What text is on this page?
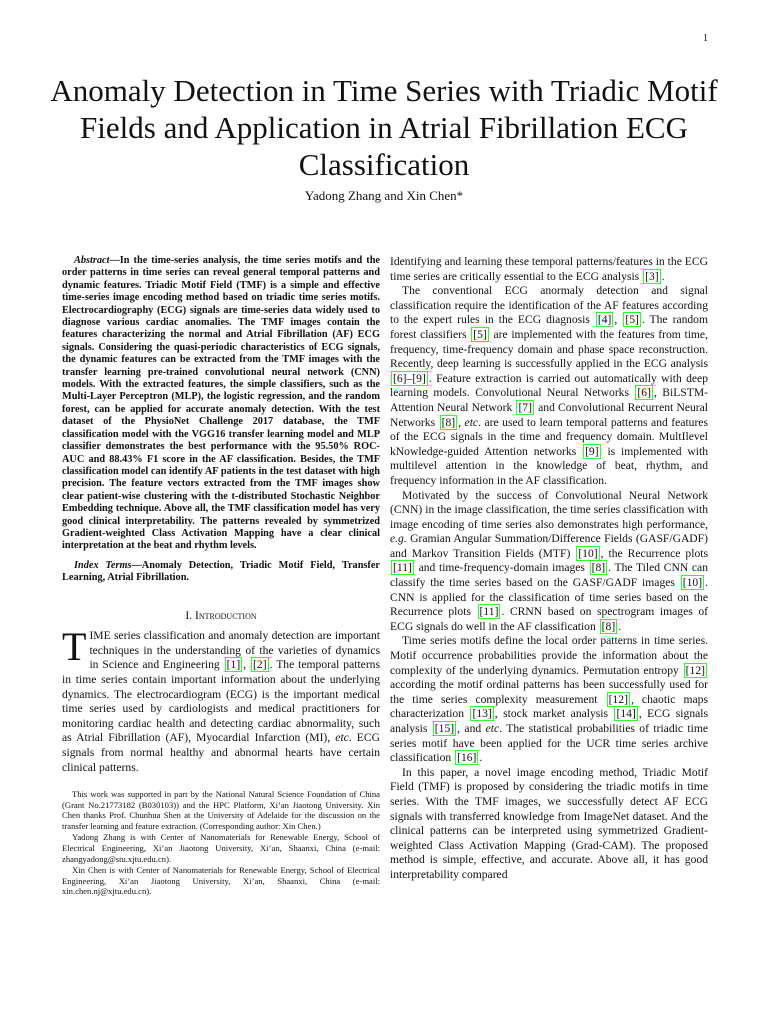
1
Anomaly Detection in Time Series with Triadic Motif Fields and Application in Atrial Fibrillation ECG Classification
Yadong Zhang and Xin Chen*

Abstract—In the time-series analysis, the time series motifs and the order patterns in time series can reveal general temporal patterns and dynamic features. Triadic Motif Field (TMF) is a simple and effective time-series image encoding method based on triadic time series motifs. Electrocardiography (ECG) signals are time-series data widely used to diagnose various cardiac anomalies. The TMF images contain the features characterizing the normal and Atrial Fibrillation (AF) ECG signals. Considering the quasi-periodic characteristics of ECG signals, the dynamic features can be extracted from the TMF images with the transfer learning pre-trained convolutional neural network (CNN) models. With the extracted features, the simple classifiers, such as the Multi-Layer Perceptron (MLP), the logistic regression, and the random forest, can be applied for accurate anomaly detection. With the test dataset of the PhysioNet Challenge 2017 database, the TMF classification model with the VGG16 transfer learning model and MLP classifier demonstrates the best performance with the 95.50% ROC-AUC and 88.43% F1 score in the AF classification. Besides, the TMF classification model can identify AF patients in the test dataset with high precision. The feature vectors extracted from the TMF images show clear patient-wise clustering with the t-distributed Stochastic Neighbor Embedding technique. Above all, the TMF classification model has very good clinical interpretability. The patterns revealed by symmetrized Gradient-weighted Class Activation Mapping have a clear clinical interpretation at the beat and rhythm levels.

Index Terms—Anomaly Detection, Triadic Motif Field, Transfer Learning, Atrial Fibrillation.

I. Introduction

TIME series classification and anomaly detection are important techniques in the understanding of the varieties of dynamics in Science and Engineering [1] , [2] . The temporal patterns in time series contain important information about the underlying dynamics. The electrocardiogram (ECG) is the important medical time series used by cardiologists and medical practitioners for monitoring cardiac health and detecting cardiac abnormality, such as Atrial Fibrillation (AF), Myocardial Infarction (MI), etc. ECG signals from normal healthy and abnormal hearts have certain clinical patterns.

This work was supported in part by the National Natural Science Foundation of China (Grant No.21773182 (B030103)) and the HPC Platform, Xi’an Jiaotong University. Xin Chen thanks Prof. Chunhua Shen at the University of Adelaide for the discussion on the transfer learning and feature extraction. (Corresponding author: Xin Chen.)

Yadong Zhang is with Center of Nanomaterials for Renewable Energy, School of Electrical Engineering, Xi’an Jiaotong University, Xi’an, Shaanxi, China (e-mail: zhangyadong@stu.xjtu.edu.cn).

Xin Chen is with Center of Nanomaterials for Renewable Energy, School of Electrical Engineering, Xi’an Jiaotong University, Xi’an, Shaanxi, China (e-mail: xin.chen.nj@xjtu.edu.cn).

Identifying and learning these temporal patterns/features in the ECG time series are critically essential to the ECG analysis [3] .

The conventional ECG anormaly detection and signal classification require the identification of the AF features according to the expert rules in the ECG diagnosis [4] , [5] . The random forest classifiers [5] are implemented with the features from time, frequency, time-frequency domain and phase space reconstruction. Recently, deep learning is successfully applied in the ECG analysis [6]–[9] . Feature extraction is carried out automatically with deep learning models. Convolutional Neural Networks [6] , BiLSTM-Attention Neural Network [7] and Convolutional Recurrent Neural Networks [8] , etc. are used to learn temporal patterns and features of the ECG signals in the time and frequency domain. MultIlevel kNowledge-guided Attention networks [9] is implemented with multilevel attention in the knowledge of beat, rhythm, and frequency information in the AF classification.

Motivated by the success of Convolutional Neural Network (CNN) in the image classification, the time series classification with image encoding of time series also demonstrates high performance, e.g. Gramian Angular Summation/Difference Fields (GASF/GADF) and Markov Transition Fields (MTF) [10] , the Recurrence plots [11] and time-frequency-domain images [8] . The Tiled CNN can classify the time series based on the GASF/GADF images [10] . CNN is applied for the classification of time series based on the Recurrence plots [11] . CRNN based on spectrogram images of ECG signals do well in the AF classification [8] .

Time series motifs define the local order patterns in time series. Motif occurrence probabilities provide the information about the complexity of the underlying dynamics. Permutation entropy [12] according the motif ordinal patterns has been successfully used for the time series complexity measurement [12] , chaotic maps characterization [13] , stock market analysis [14] , ECG signals analysis [15] , and etc. The statistical probabilities of triadic time series motif have been applied for the UCR time series archive classification [16] .

In this paper, a novel image encoding method, Triadic Motif Field (TMF) is proposed by considering the triadic motifs in time series. With the TMF images, we successfully detect AF ECG signals with transferred knowledge from ImageNet dataset. And the clinical patterns can be interpreted using symmetrized Gradient-weighted Class Activation Mapping (Grad-CAM). The proposed method is simple, effective, and accurate. Above all, it has good interpretability compared
